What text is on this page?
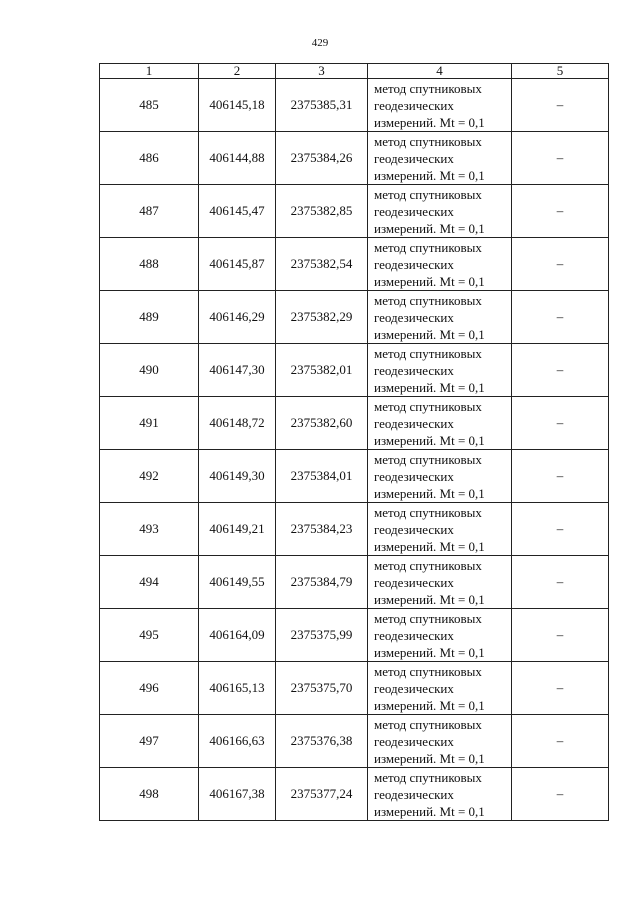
429
1	2	3	4	5
485	406145,18	2375385,31	метод спутниковых
геодезических
измерений. Mt = 0,1	–
486	406144,88	2375384,26	метод спутниковых
геодезических
измерений. Mt = 0,1	–
487	406145,47	2375382,85	метод спутниковых
геодезических
измерений. Mt = 0,1	–
488	406145,87	2375382,54	метод спутниковых
геодезических
измерений. Mt = 0,1	–
489	406146,29	2375382,29	метод спутниковых
геодезических
измерений. Mt = 0,1	–
490	406147,30	2375382,01	метод спутниковых
геодезических
измерений. Mt = 0,1	–
491	406148,72	2375382,60	метод спутниковых
геодезических
измерений. Mt = 0,1	–
492	406149,30	2375384,01	метод спутниковых
геодезических
измерений. Mt = 0,1	–
493	406149,21	2375384,23	метод спутниковых
геодезических
измерений. Mt = 0,1	–
494	406149,55	2375384,79	метод спутниковых
геодезических
измерений. Mt = 0,1	–
495	406164,09	2375375,99	метод спутниковых
геодезических
измерений. Mt = 0,1	–
496	406165,13	2375375,70	метод спутниковых
геодезических
измерений. Mt = 0,1	–
497	406166,63	2375376,38	метод спутниковых
геодезических
измерений. Mt = 0,1	–
498	406167,38	2375377,24	метод спутниковых
геодезических
измерений. Mt = 0,1	–
